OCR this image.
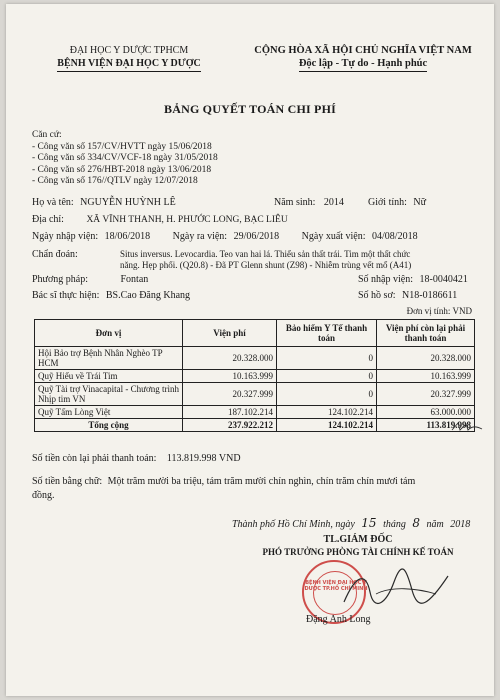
ĐẠI HỌC Y DƯỢC TPHCM
BỆNH VIỆN ĐẠI HỌC Y DƯỢC
CỘNG HÒA XÃ HỘI CHỦ NGHĨA VIỆT NAM
Độc lập - Tự do - Hạnh phúc
BẢNG QUYẾT TOÁN CHI PHÍ
Căn cứ:
- Công văn số 157/CV/HVTT ngày 15/06/2018
- Công văn số 334/CV/VCF-18 ngày 31/05/2018
- Công văn số 276/HBT-2018 ngày 13/06/2018
- Công văn số 176//QTLV ngày 12/07/2018
Họ và tên: NGUYỄN HUỲNH LÊ	Năm sinh: 2014 Giới tính: Nữ
Địa chỉ: XÃ VĨNH THANH, H. PHƯỚC LONG, BẠC LIÊU
Ngày nhập viện: 18/06/2018 Ngày ra viện: 29/06/2018 Ngày xuất viện: 04/08/2018
Chẩn đoán:	Situs inversus. Levocardia. Teo van hai lá. Thiểu sản thất trái. Tim một thất chức
năng. Hẹp phổi. (Q20.8) - Đã PT Glenn shunt (Z98) - Nhiễm trùng vết mổ (A41)
Phương pháp:	Fontan	Số nhập viện: 18-0040421
Bác sĩ thực hiện: BS.Cao Đăng Khang	Số hồ sơ: N18-0186611
Đơn vị tính: VND
Đơn vị	Viện phí	Bảo hiểm Y Tế thanh toán	Viện phí còn lại phải thanh toán
Hội Bảo trợ Bệnh Nhân Nghèo TP HCM	20.328.000	0	20.328.000
Quỹ Hiểu về Trái Tim	10.163.999	0	10.163.999
Quỹ Tài trợ Vinacapital - Chương trình Nhịp tim VN	20.327.999	0	20.327.999
Quỹ Tấm Lòng Việt	187.102.214	124.102.214	63.000.000
Tổng cộng	237.922.212	124.102.214	113.819.998
Số tiền còn lại phải thanh toán: 113.819.998 VND
Số tiền bằng chữ: Một trăm mười ba triệu, tám trăm mười chín nghìn, chín trăm chín mươi tám
đồng.
Thành phố Hồ Chí Minh, ngày 15 tháng 8 năm 2018
TL.GIÁM ĐỐC
PHÓ TRƯỞNG PHÒNG TÀI CHÍNH KẾ TOÁN
BỆNH VIỆN ĐẠI HỌC Y DƯỢC TP.HỒ CHÍ MINH
Đặng Anh Long
